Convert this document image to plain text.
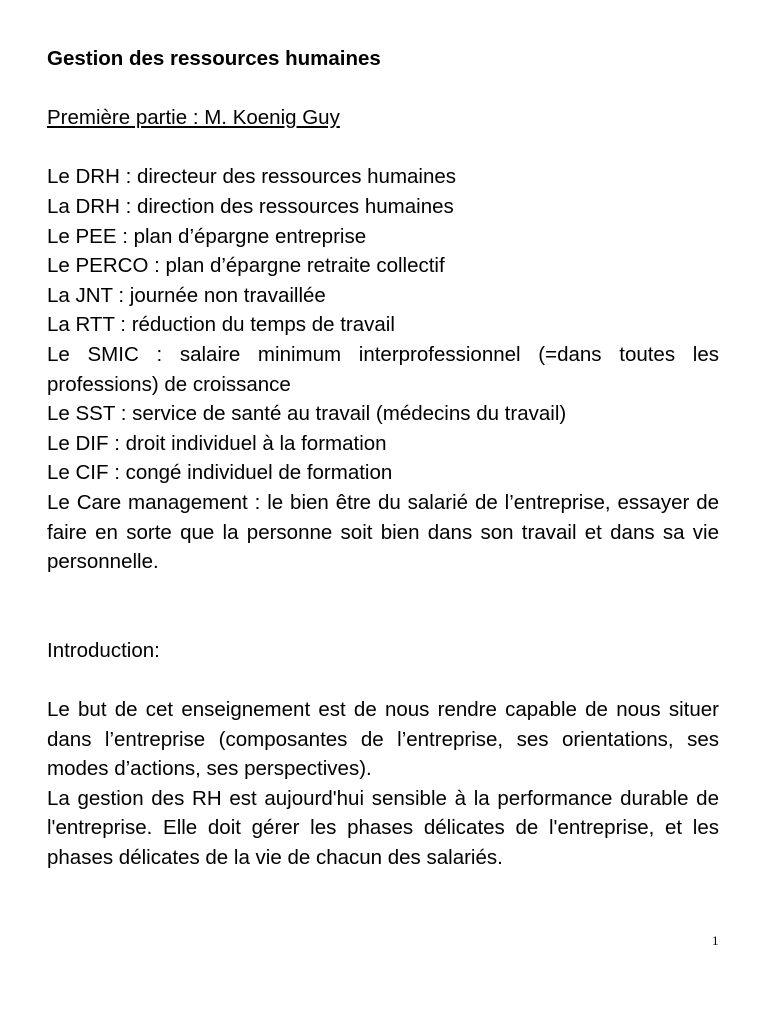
Gestion des ressources humaines

Première partie : M. Koenig Guy

Le DRH : directeur des ressources humaines

La DRH : direction des ressources humaines

Le PEE : plan d’épargne entreprise

Le PERCO : plan d’épargne retraite collectif

La JNT : journée non travaillée

La RTT : réduction du temps de travail

Le SMIC : salaire minimum interprofessionnel (=dans toutes les professions) de croissance

Le SST : service de santé au travail (médecins du travail)

Le DIF : droit individuel à la formation

Le CIF : congé individuel de formation

Le Care management : le bien être du salarié de l’entreprise, essayer de faire en sorte que la personne soit bien dans son travail et dans sa vie personnelle.

Introduction:

Le but de cet enseignement est de nous rendre capable de nous situer dans l’entreprise (composantes de l’entreprise, ses orientations, ses modes d’actions, ses perspectives).

La gestion des RH est aujourd'hui sensible à la performance durable de l'entreprise. Elle doit gérer les phases délicates de l'entreprise, et les phases délicates de la vie de chacun des salariés.

1
